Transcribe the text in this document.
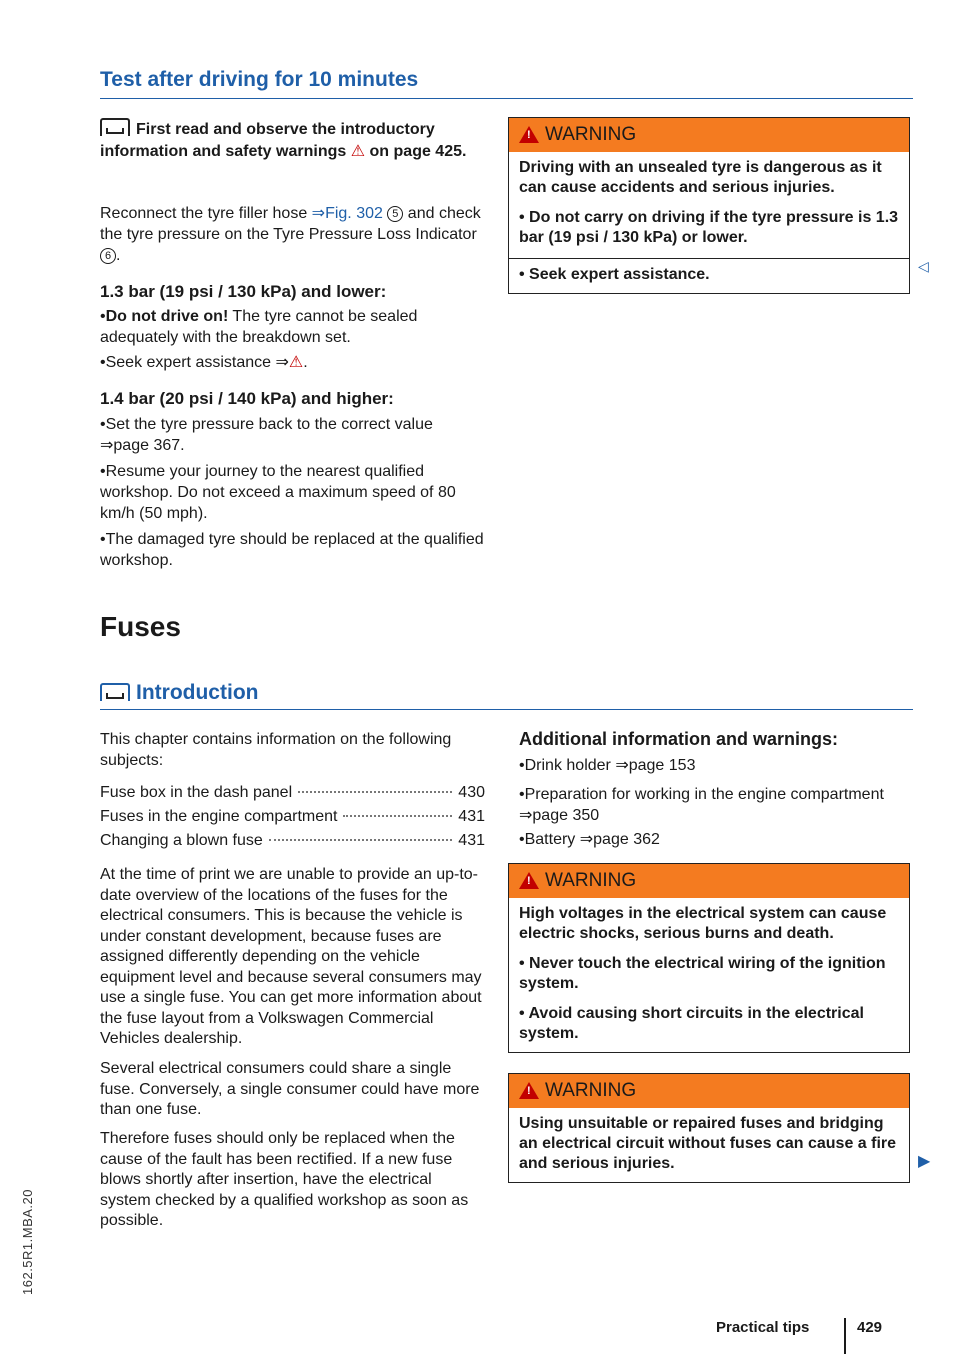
Test after driving for 10 minutes
First read and observe the introductory information and safety warnings ⚠ on page 425.
Reconnect the tyre filler hose ⇒Fig. 302 5 and check the tyre pressure on the Tyre Pressure Loss Indicator 6 .
1.3 bar (19 psi / 130 kPa) and lower:
•Do not drive on! The tyre cannot be sealed adequately with the breakdown set.
•Seek expert assistance ⇒⚠.
1.4 bar (20 psi / 140 kPa) and higher:
•Set the tyre pressure back to the correct value ⇒page 367.
•Resume your journey to the nearest qualified workshop. Do not exceed a maximum speed of 80 km/h (50 mph).
•The damaged tyre should be replaced at the qualified workshop.
!WARNING

Driving with an unsealed tyre is dangerous as it can cause accidents and serious injuries.

• Do not carry on driving if the tyre pressure is 1.3 bar (19 psi / 130 kPa) or lower.

• Seek expert assistance.	◁
Fuses
Introduction
This chapter contains information on the following subjects:
Fuse box in the dash panel	430
Fuses in the engine compartment	431
Changing a blown fuse	431
At the time of print we are unable to provide an up-to-date overview of the locations of the fuses for the electrical consumers. This is because the vehicle is under constant development, because fuses are assigned differently depending on the vehicle equipment level and because several consumers may use a single fuse. You can get more information about the fuse layout from a Volkswagen Commercial Vehicles dealership.
Several electrical consumers could share a single fuse. Conversely, a single consumer could have more than one fuse.
Therefore fuses should only be replaced when the cause of the fault has been rectified. If a new fuse blows shortly after insertion, have the electrical system checked by a qualified workshop as soon as possible.
Additional information and warnings:
•Drink holder ⇒page 153
•Preparation for working in the engine compartment ⇒page 350
•Battery ⇒page 362
!WARNING

High voltages in the electrical system can cause electric shocks, serious burns and death.

• Never touch the electrical wiring of the ignition system.

• Avoid causing short circuits in the electrical system.

!WARNING

Using unsuitable or repaired fuses and bridging an electrical circuit without fuses can cause a fire and serious injuries.	▶
162.5R1.MBA.20
Practical tips	429
